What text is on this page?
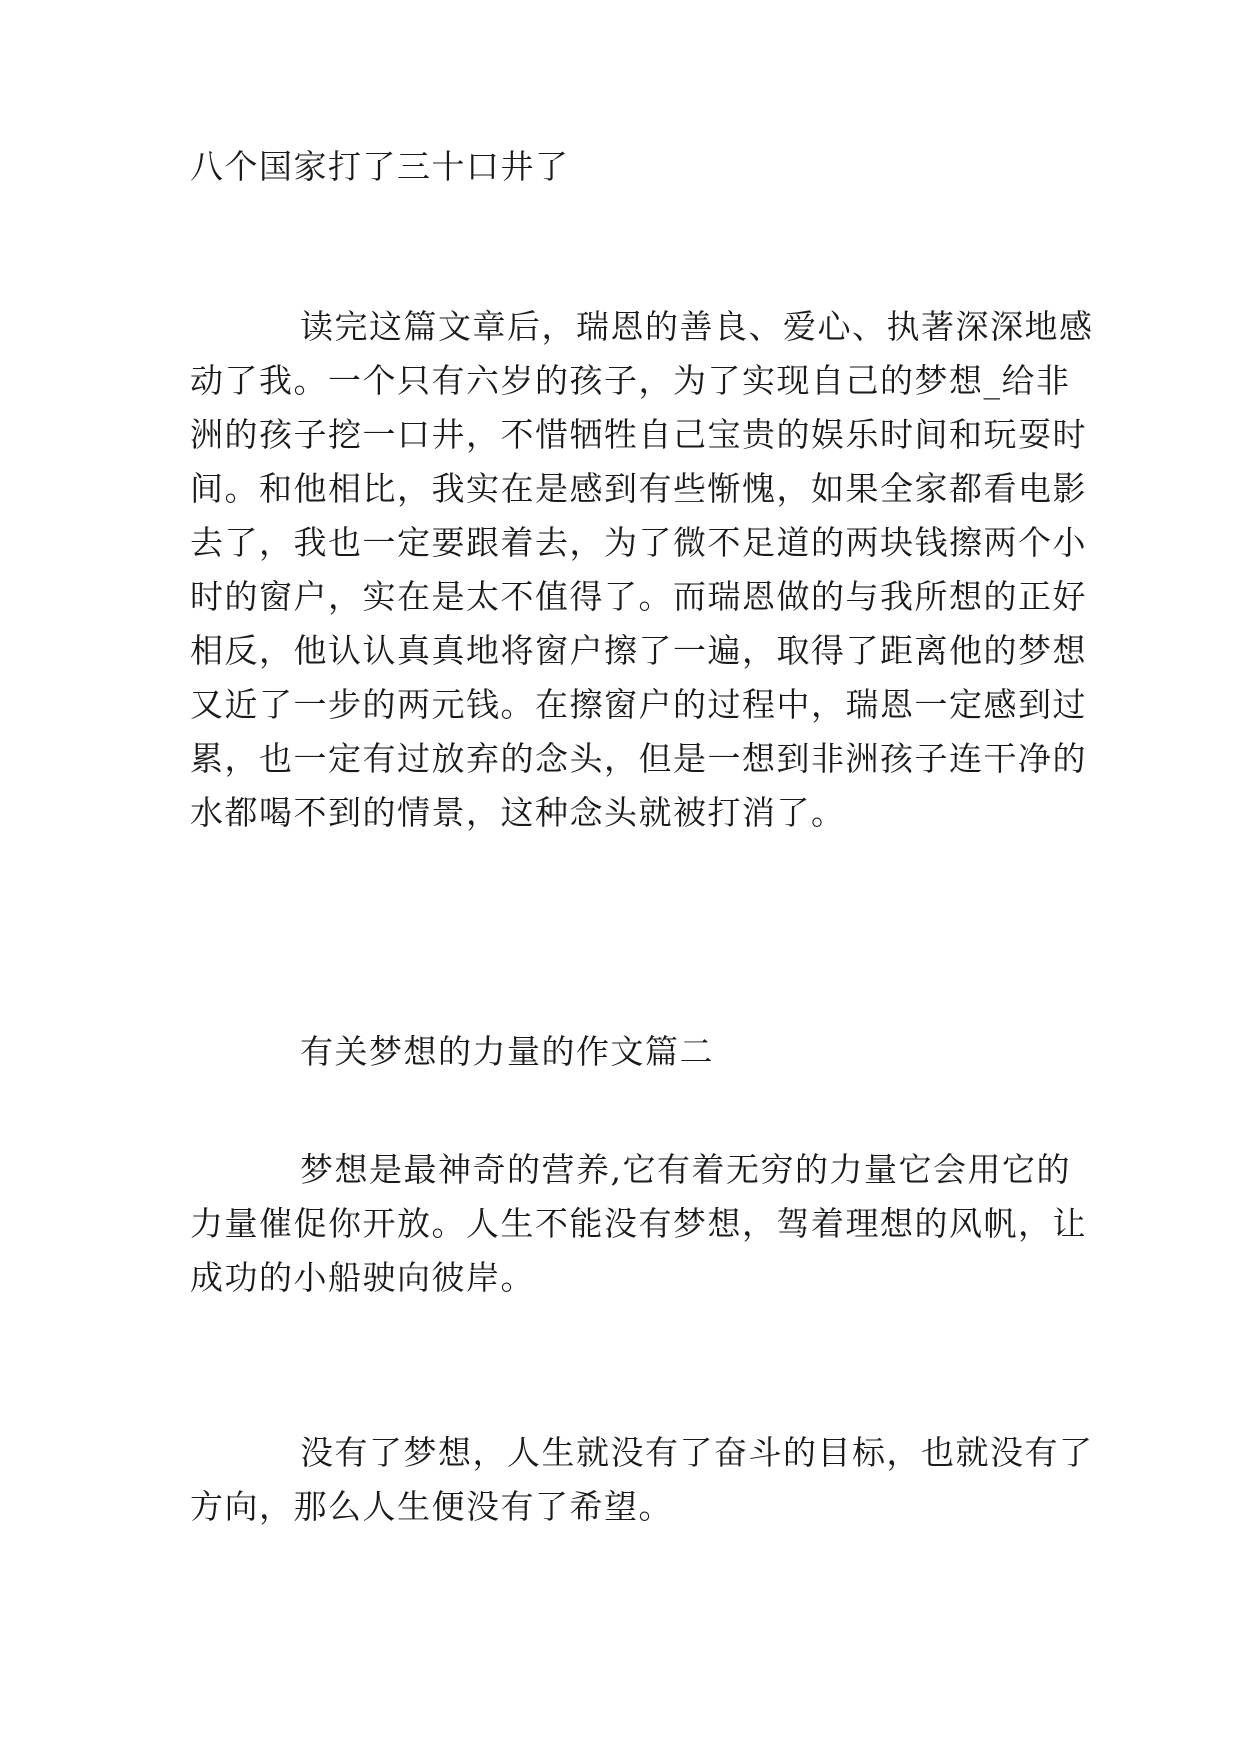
八个国家打了三十口井了

读完这篇文章后，瑞恩的善良、爱心、执著深深地感
动了我。一个只有六岁的孩子，为了实现自己的梦想_给非
洲的孩子挖一口井，不惜牺牲自己宝贵的娱乐时间和玩耍时
间。和他相比，我实在是感到有些惭愧，如果全家都看电影
去了，我也一定要跟着去，为了微不足道的两块钱擦两个小
时的窗户，实在是太不值得了。而瑞恩做的与我所想的正好
相反，他认认真真地将窗户擦了一遍，取得了距离他的梦想
又近了一步的两元钱。在擦窗户的过程中，瑞恩一定感到过
累，也一定有过放弃的念头，但是一想到非洲孩子连干净的
水都喝不到的情景，这种念头就被打消了。

有关梦想的力量的作文篇二

梦想是最神奇的营养,它有着无穷的力量它会用它的
力量催促你开放。人生不能没有梦想，驾着理想的风帆，让
成功的小船驶向彼岸。

没有了梦想，人生就没有了奋斗的目标，也就没有了
方向，那么人生便没有了希望。
